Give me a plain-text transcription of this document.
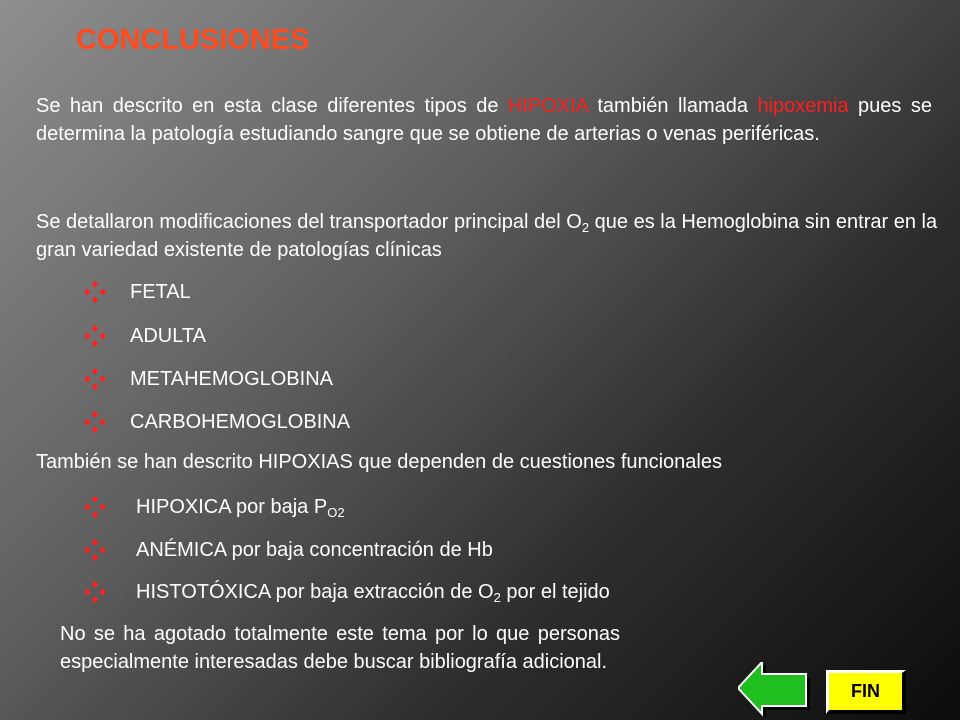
CONCLUSIONES
Se han descrito en esta clase diferentes tipos de HIPOXIA también llamada hipoxemia pues se determina la patología estudiando sangre que se obtiene de arterias o venas periféricas.
Se detallaron modificaciones del transportador principal del $O_2$ que es la Hemoglobina sin entrar en la gran variedad existente de patologías clínicas
FETAL
ADULTA
METAHEMOGLOBINA
CARBOHEMOGLOBINA
También se han descrito HIPOXIAS que dependen de cuestiones funcionales
HIPOXICA por baja $P_{O2}$
ANÉMICA por baja concentración de Hb
HISTOTÓXICA por baja extracción de $O_2$ por el tejido
No se ha agotado totalmente este tema por lo que personas especialmente interesadas debe buscar bibliografía adicional.
FIN
